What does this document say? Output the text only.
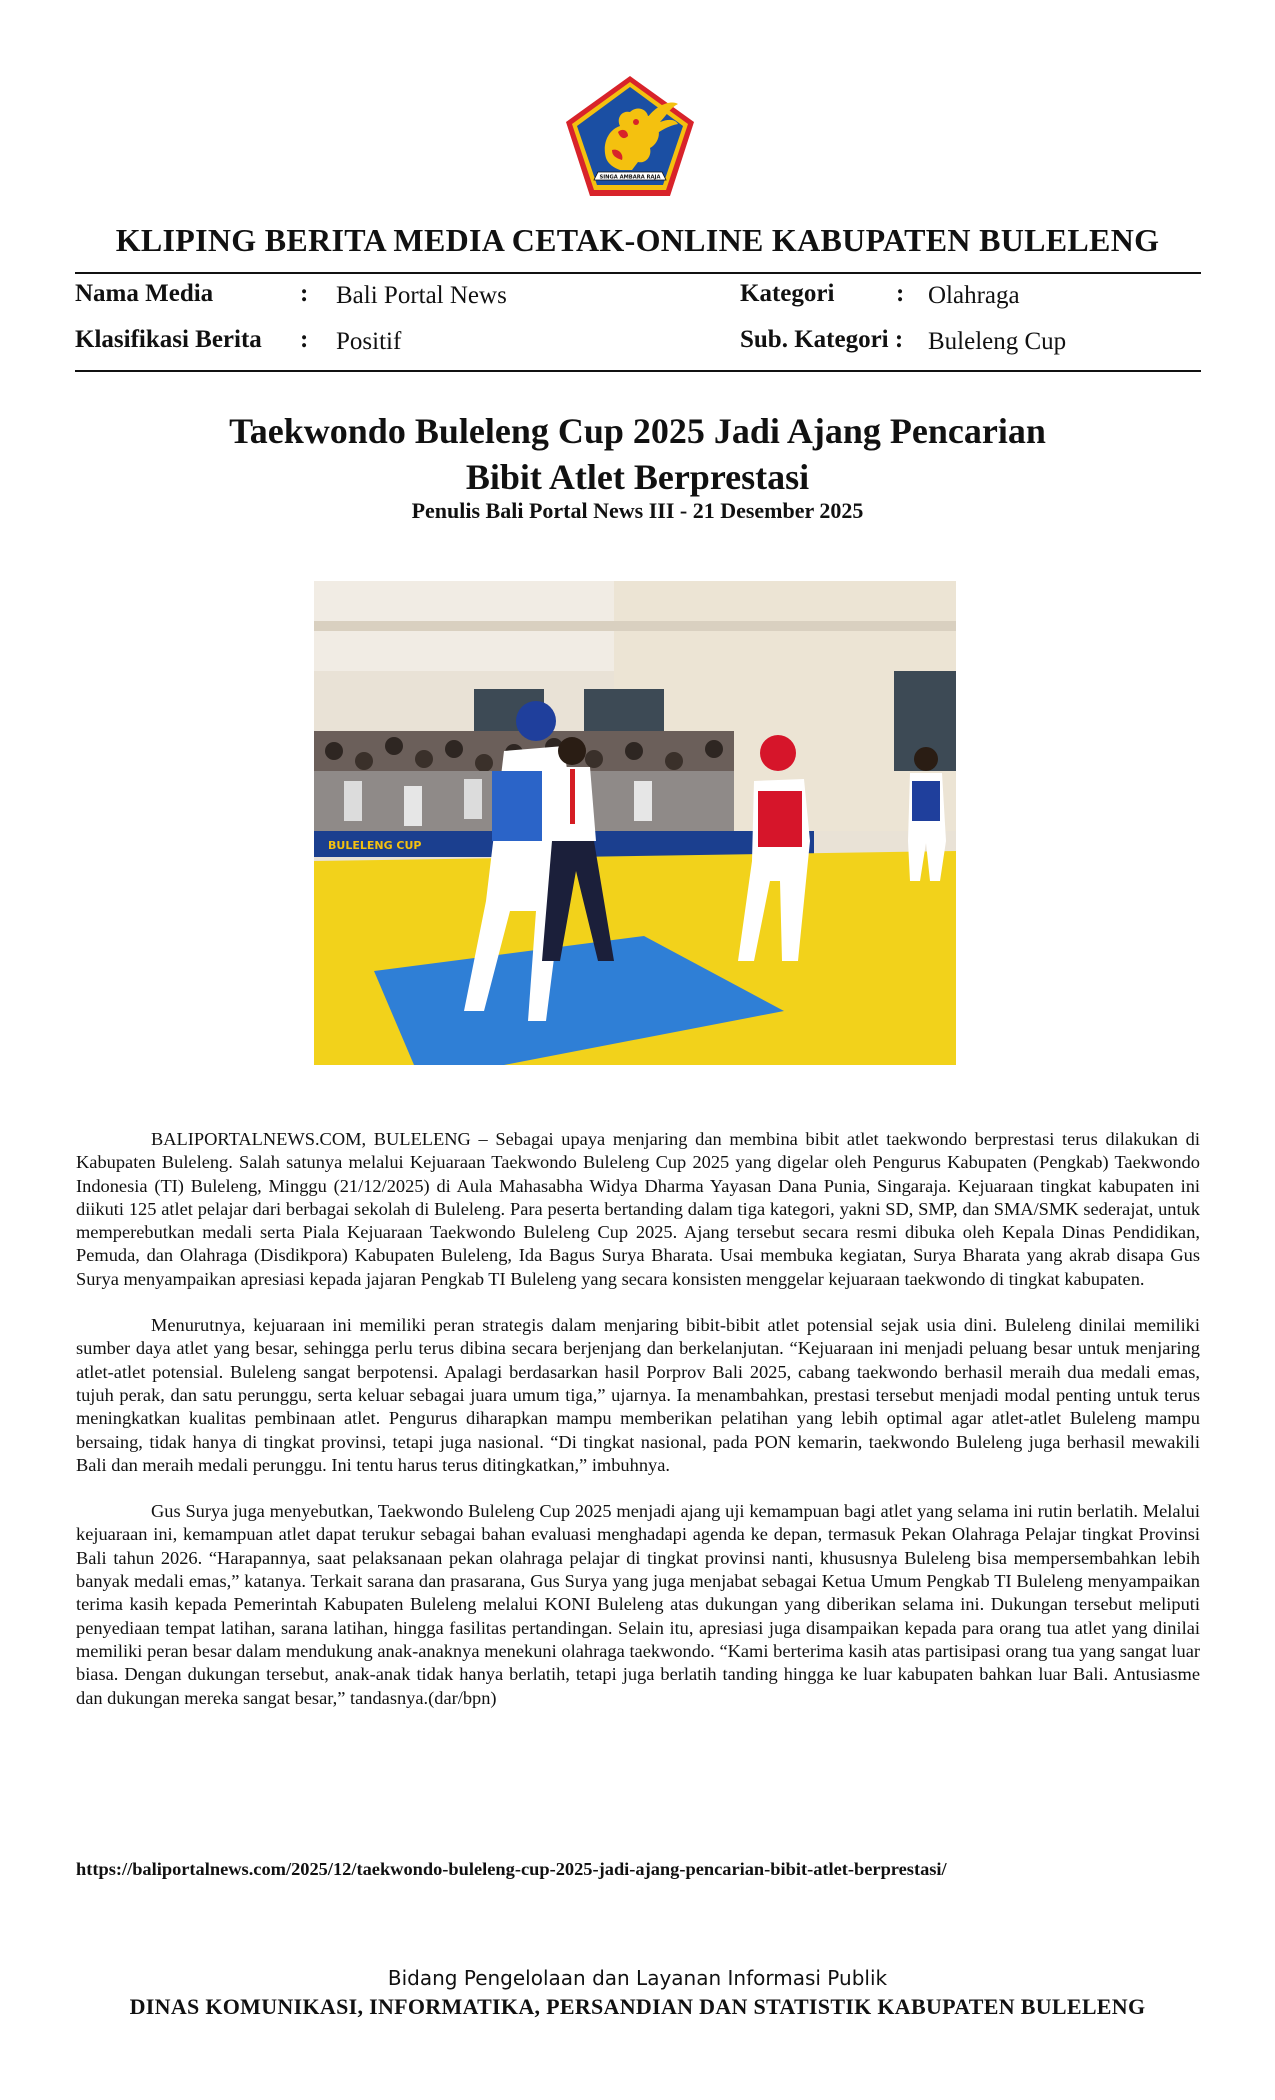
SINGA AMBARA RAJA
KLIPING BERITA MEDIA CETAK-ONLINE KABUPATEN BULELENG
Nama Media	: Bali Portal News
Klasifikasi Berita : Positif
Kategori : Olahraga
Sub. Kategori : Buleleng Cup
Taekwondo Buleleng Cup 2025 Jadi Ajang Pencarian
Bibit Atlet Berprestasi
Penulis Bali Portal News III - 21 Desember 2025
BULELENG CUP

BALIPORTALNEWS.COM, BULELENG – Sebagai upaya menjaring dan membina bibit atlet taekwondo berprestasi terus dilakukan di Kabupaten Buleleng. Salah satunya melalui Kejuaraan Taekwondo Buleleng Cup 2025 yang digelar oleh Pengurus Kabupaten (Pengkab) Taekwondo Indonesia (TI) Buleleng, Minggu (21/12/2025) di Aula Mahasabha Widya Dharma Yayasan Dana Punia, Singaraja. Kejuaraan tingkat kabupaten ini diikuti 125 atlet pelajar dari berbagai sekolah di Buleleng. Para peserta bertanding dalam tiga kategori, yakni SD, SMP, dan SMA/SMK sederajat, untuk memperebutkan medali serta Piala Kejuaraan Taekwondo Buleleng Cup 2025. Ajang tersebut secara resmi dibuka oleh Kepala Dinas Pendidikan, Pemuda, dan Olahraga (Disdikpora) Kabupaten Buleleng, Ida Bagus Surya Bharata. Usai membuka kegiatan, Surya Bharata yang akrab disapa Gus Surya menyampaikan apresiasi kepada jajaran Pengkab TI Buleleng yang secara konsisten menggelar kejuaraan taekwondo di tingkat kabupaten.

Menurutnya, kejuaraan ini memiliki peran strategis dalam menjaring bibit-bibit atlet potensial sejak usia dini. Buleleng dinilai memiliki sumber daya atlet yang besar, sehingga perlu terus dibina secara berjenjang dan berkelanjutan. “Kejuaraan ini menjadi peluang besar untuk menjaring atlet-atlet potensial. Buleleng sangat berpotensi. Apalagi berdasarkan hasil Porprov Bali 2025, cabang taekwondo berhasil meraih dua medali emas, tujuh perak, dan satu perunggu, serta keluar sebagai juara umum tiga,” ujarnya. Ia menambahkan, prestasi tersebut menjadi modal penting untuk terus meningkatkan kualitas pembinaan atlet. Pengurus diharapkan mampu memberikan pelatihan yang lebih optimal agar atlet-atlet Buleleng mampu bersaing, tidak hanya di tingkat provinsi, tetapi juga nasional. “Di tingkat nasional, pada PON kemarin, taekwondo Buleleng juga berhasil mewakili Bali dan meraih medali perunggu. Ini tentu harus terus ditingkatkan,” imbuhnya.

Gus Surya juga menyebutkan, Taekwondo Buleleng Cup 2025 menjadi ajang uji kemampuan bagi atlet yang selama ini rutin berlatih. Melalui kejuaraan ini, kemampuan atlet dapat terukur sebagai bahan evaluasi menghadapi agenda ke depan, termasuk Pekan Olahraga Pelajar tingkat Provinsi Bali tahun 2026. “Harapannya, saat pelaksanaan pekan olahraga pelajar di tingkat provinsi nanti, khususnya Buleleng bisa mempersembahkan lebih banyak medali emas,” katanya. Terkait sarana dan prasarana, Gus Surya yang juga menjabat sebagai Ketua Umum Pengkab TI Buleleng menyampaikan terima kasih kepada Pemerintah Kabupaten Buleleng melalui KONI Buleleng atas dukungan yang diberikan selama ini. Dukungan tersebut meliputi penyediaan tempat latihan, sarana latihan, hingga fasilitas pertandingan. Selain itu, apresiasi juga disampaikan kepada para orang tua atlet yang dinilai memiliki peran besar dalam mendukung anak-anaknya menekuni olahraga taekwondo. “Kami berterima kasih atas partisipasi orang tua yang sangat luar biasa. Dengan dukungan tersebut, anak-anak tidak hanya berlatih, tetapi juga berlatih tanding hingga ke luar kabupaten bahkan luar Bali. Antusiasme dan dukungan mereka sangat besar,” tandasnya.(dar/bpn)

https://baliportalnews.com/2025/12/taekwondo-buleleng-cup-2025-jadi-ajang-pencarian-bibit-atlet-berprestasi/
Bidang Pengelolaan dan Layanan Informasi Publik
DINAS KOMUNIKASI, INFORMATIKA, PERSANDIAN DAN STATISTIK KABUPATEN BULELENG
